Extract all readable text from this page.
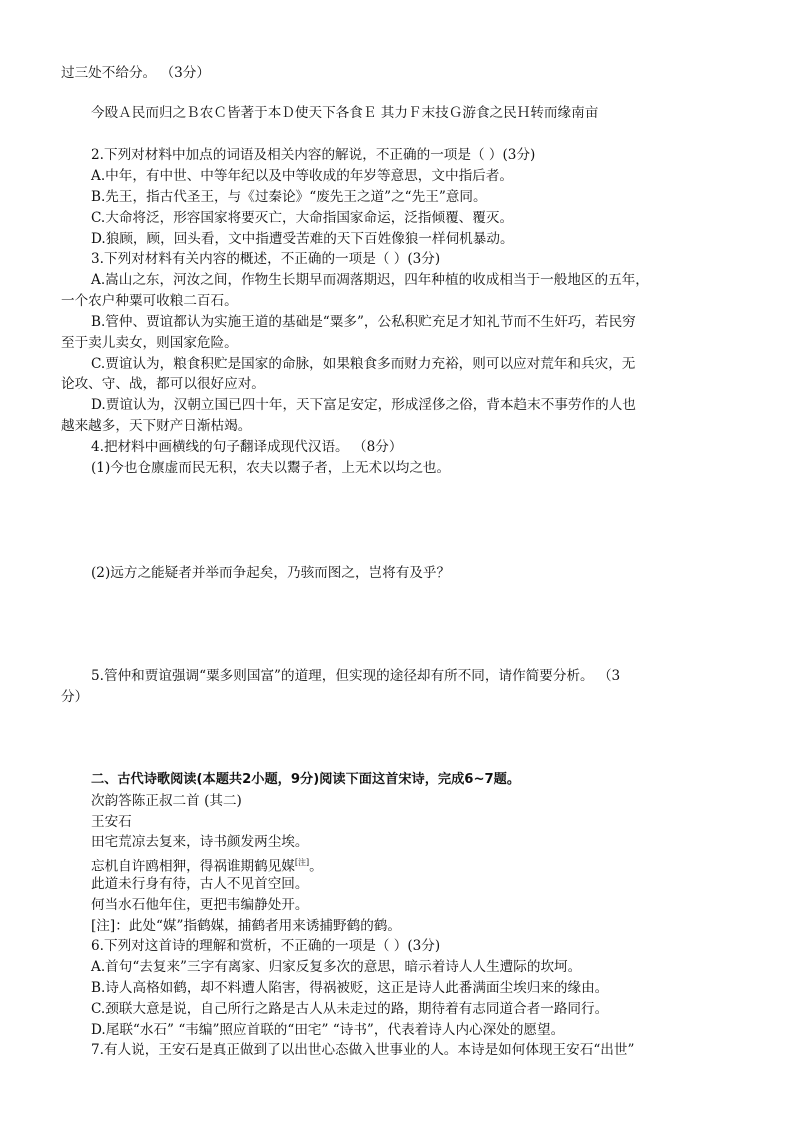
过三处不给分。 （3分）
今殴Ａ民而归之Ｂ农Ｃ皆著于本Ｄ使天下各食Ｅ 其力Ｆ末技Ｇ游食之民Ｈ转而缘南亩
2.下列对材料中加点的词语及相关内容的解说，不正确的一项是（ ）(3分)
A.中年，有中世、中等年纪以及中等收成的年岁等意思，文中指后者。
B.先王，指古代圣王，与《过秦论》“废先王之道”之“先王”意同。
C.大命将泛，形容国家将要灭亡，大命指国家命运，泛指倾覆、覆灭。
D.狼顾，顾，回头看，文中指遭受苦难的天下百姓像狼一样伺机暴动。
3.下列对材料有关内容的概述，不正确的一项是（ ）(3分)
A.嵩山之东，河汝之间，作物生长期早而凋落期迟，四年种植的收成相当于一般地区的五年，
一个农户种粟可收粮二百石。
B.管仲、贾谊都认为实施王道的基础是“粟多”，公私积贮充足才知礼节而不生奸巧，若民穷
至于卖儿卖女，则国家危险。
C.贾谊认为，粮食积贮是国家的命脉，如果粮食多而财力充裕，则可以应对荒年和兵灾，无
论攻、守、战，都可以很好应对。
D.贾谊认为，汉朝立国已四十年，天下富足安定，形成淫侈之俗，背本趋末不事劳作的人也
越来越多，天下财产日渐枯竭。
4.把材料中画横线的句子翻译成现代汉语。 （8分）
(1)今也仓廪虚而民无积，农夫以鬻子者，上无术以均之也。
(2)远方之能疑者并举而争起矣，乃骇而图之，岂将有及乎？
5.管仲和贾谊强调“粟多则国富”的道理，但实现的途径却有所不同，请作简要分析。 （3
分）
二、古代诗歌阅读(本题共2小题，9分)阅读下面这首宋诗，完成6~7题。
次韵答陈正叔二首 (其二)
王安石
田宅荒凉去复来，诗书颜发两尘埃。
忘机自许鸥相狎，得祸谁期鹤见媒[注]。
此道未行身有待，古人不见首空回。
何当水石他年住，更把韦编静处开。
[注]：此处“媒”指鹤媒，捕鹤者用来诱捕野鹤的鹤。
6.下列对这首诗的理解和赏析，不正确的一项是（ ）(3分)
A.首句“去复来”三字有离家、归家反复多次的意思，暗示着诗人人生遭际的坎坷。
B.诗人高格如鹤，却不料遭人陷害，得祸被贬，这正是诗人此番满面尘埃归来的缘由。
C.颈联大意是说，自己所行之路是古人从未走过的路，期待着有志同道合者一路同行。
D.尾联“水石” “韦编”照应首联的“田宅” “诗书”，代表着诗人内心深处的愿望。
7.有人说，王安石是真正做到了以出世心态做入世事业的人。本诗是如何体现王安石“出世”
